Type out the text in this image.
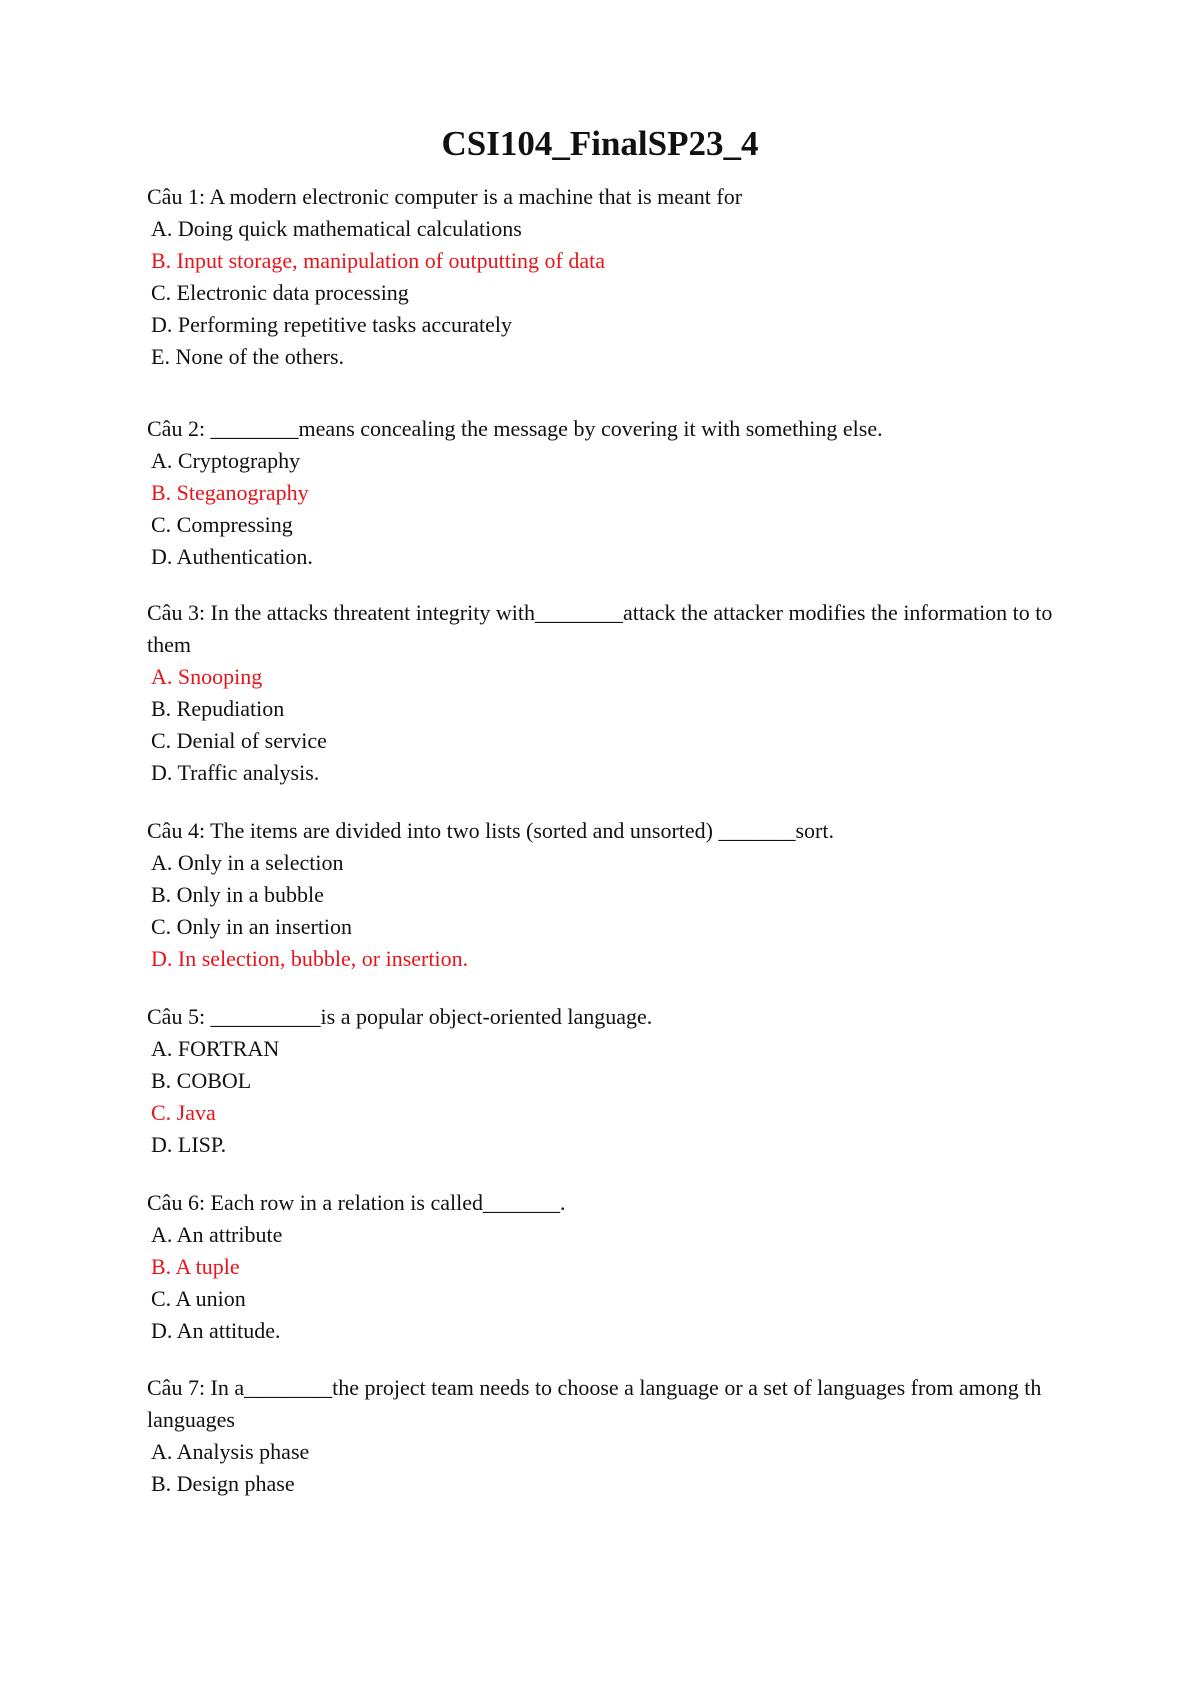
CSI104_FinalSP23_4

Câu 1: A modern electronic computer is a machine that is meant for

A. Doing quick mathematical calculations

B. Input storage, manipulation of outputting of data

C. Electronic data processing

D. Performing repetitive tasks accurately

E. None of the others.

Câu 2: ________means concealing the message by covering it with something else.

A. Cryptography

B. Steganography

C. Compressing

D. Authentication.

Câu 3: In the attacks threatent integrity with________attack the attacker modifies the information to to them

A. Snooping

B. Repudiation

C. Denial of service

D. Traffic analysis.

Câu 4: The items are divided into two lists (sorted and unsorted) _______sort.

A. Only in a selection

B. Only in a bubble

C. Only in an insertion

D. In selection, bubble, or insertion.

Câu 5: __________is a popular object-oriented language.

A. FORTRAN

B. COBOL

C. Java

D. LISP.

Câu 6: Each row in a relation is called_______.

A. An attribute

B. A tuple

C. A union

D. An attitude.

Câu 7: In a________the project team needs to choose a language or a set of languages from among th languages

A. Analysis phase

B. Design phase
